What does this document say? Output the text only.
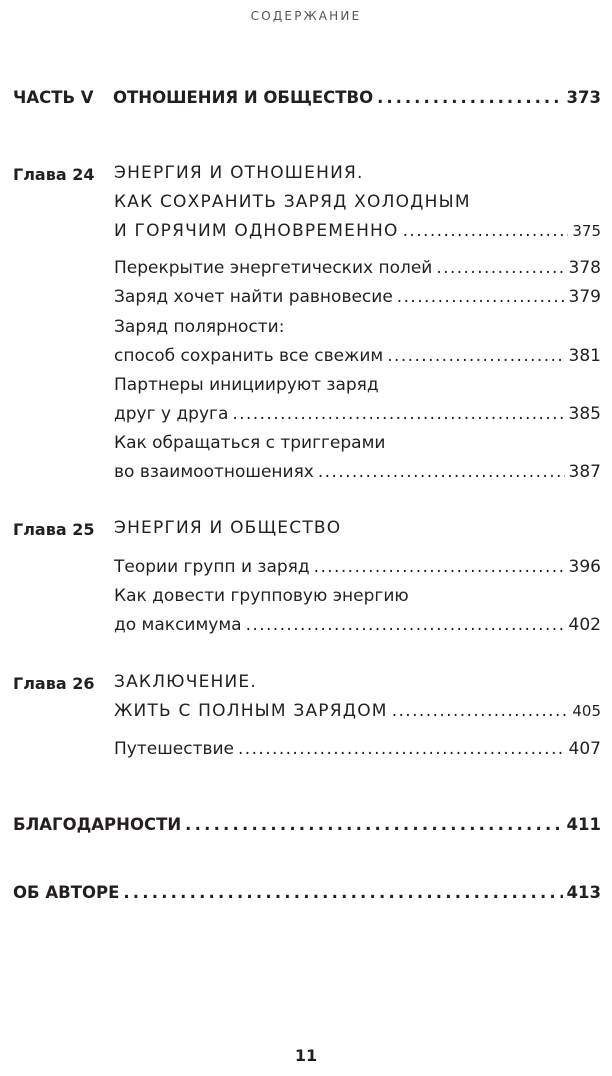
СОДЕРЖАНИЕ
ЧАСТЬ V	ОТНОШЕНИЯ И ОБЩЕСТВО .....	373
Глава 24 ЭНЕРГИЯ И ОТНОШЕНИЯ.
КАК СОХРАНИТЬ ЗАРЯД ХОЛОДНЫМ
И ГОРЯЧИМ ОДНОВРЕМЕННО .....	375
Перекрытие энергетических полей .....	378
Заряд хочет найти равновесие .....	379
Заряд полярности:
способ сохранить все свежим .....	381
Партнеры инициируют заряд
друг у друга .....	385
Как обращаться с триггерами
во взаимоотношениях .....	387
Глава 25 ЭНЕРГИЯ И ОБЩЕСТВО
Теории групп и заряд .....	396
Как довести групповую энергию
до максимума .....	402
Глава 26 ЗАКЛЮЧЕНИЕ.
ЖИТЬ С ПОЛНЫМ ЗАРЯДОМ .....	405
Путешествие .....	407
БЛАГОДАРНОСТИ .....	411
ОБ АВТОРЕ .....	413
11
